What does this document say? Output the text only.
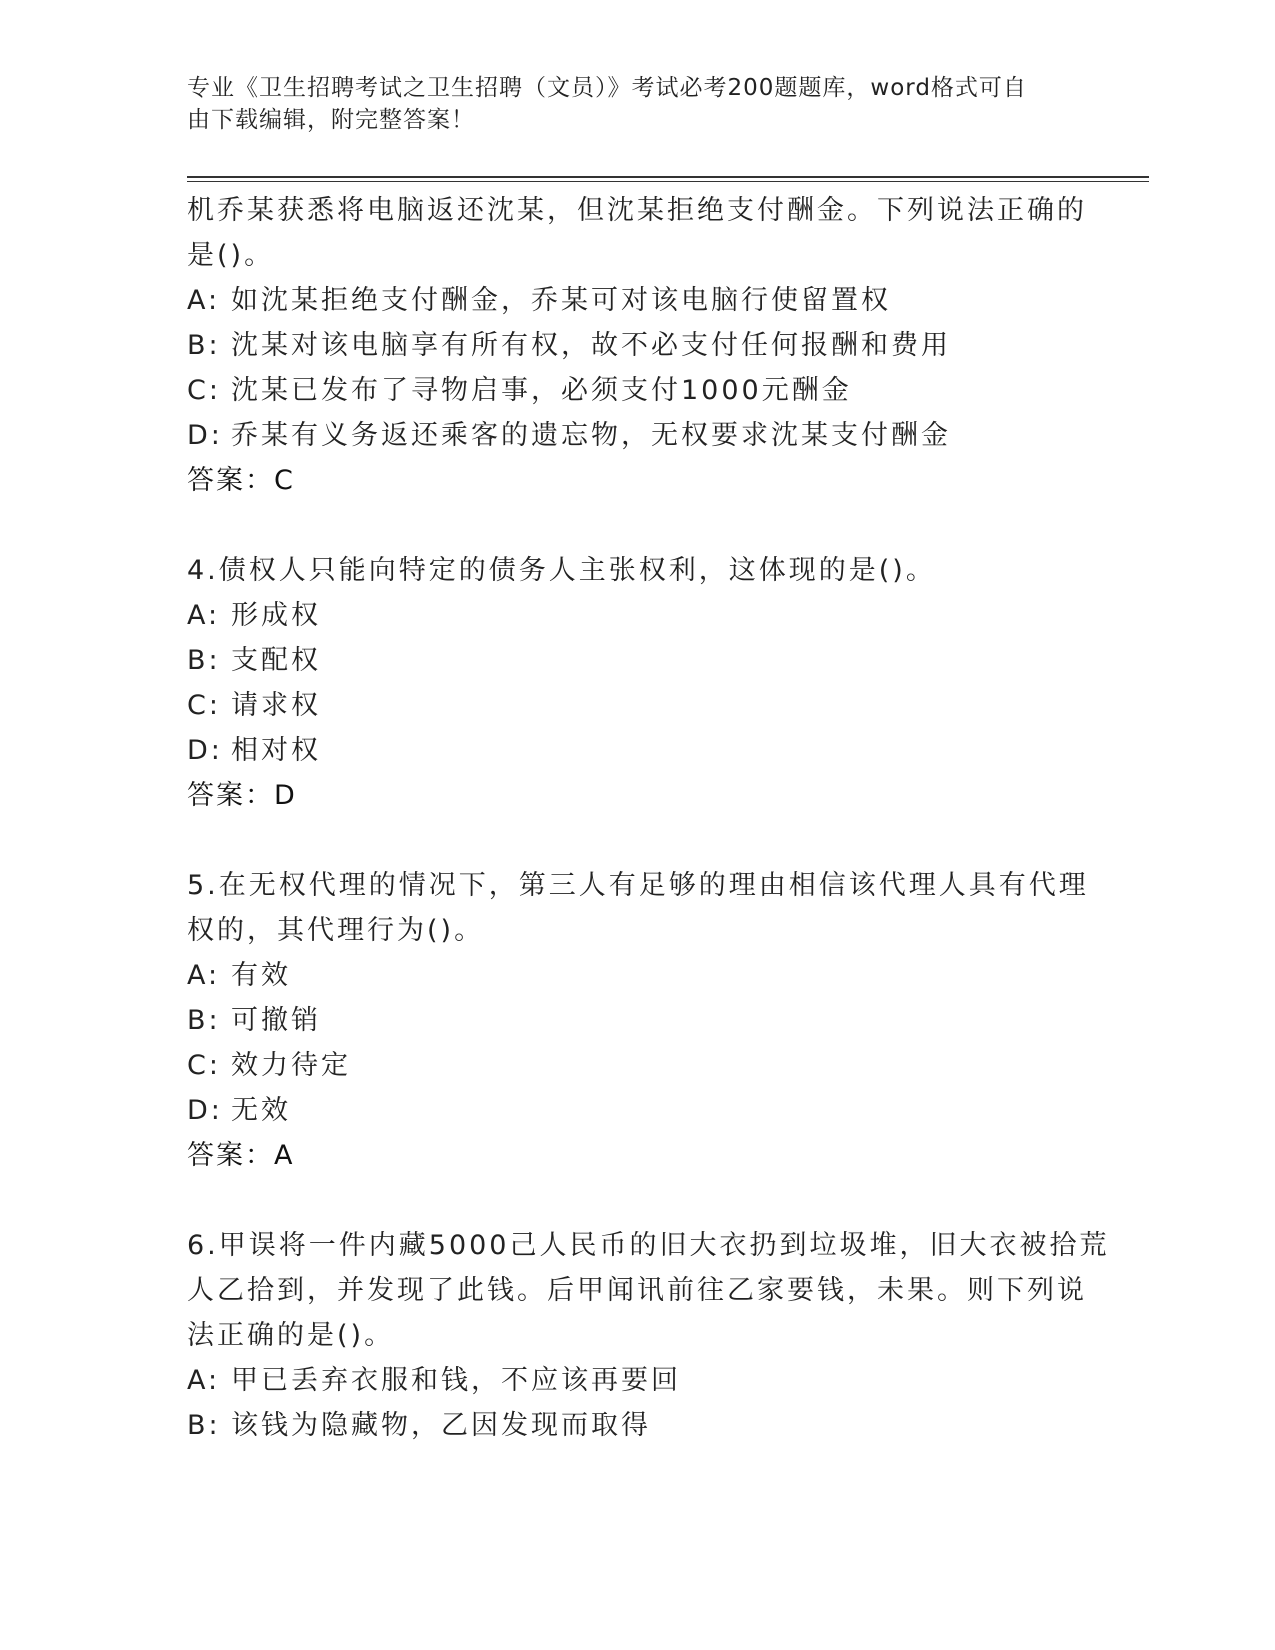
专业《卫生招聘考试之卫生招聘（文员）》考试必考200题题库，word格式可自
由下载编辑，附完整答案！
机乔某获悉将电脑返还沈某，但沈某拒绝支付酬金。下列说法正确的
是()。
A: 如沈某拒绝支付酬金，乔某可对该电脑行使留置权
B: 沈某对该电脑享有所有权，故不必支付任何报酬和费用
C: 沈某已发布了寻物启事，必须支付1000元酬金
D: 乔某有义务返还乘客的遗忘物，无权要求沈某支付酬金
答案：C
4.债权人只能向特定的债务人主张权利，这体现的是()。
A: 形成权
B: 支配权
C: 请求权
D: 相对权
答案：D
5.在无权代理的情况下，第三人有足够的理由相信该代理人具有代理
权的，其代理行为()。
A: 有效
B: 可撤销
C: 效力待定
D: 无效
答案：A
6.甲误将一件内藏5000己人民币的旧大衣扔到垃圾堆，旧大衣被拾荒
人乙拾到，并发现了此钱。后甲闻讯前往乙家要钱，未果。则下列说
法正确的是()。
A: 甲已丢弃衣服和钱，不应该再要回
B: 该钱为隐藏物，乙因发现而取得
